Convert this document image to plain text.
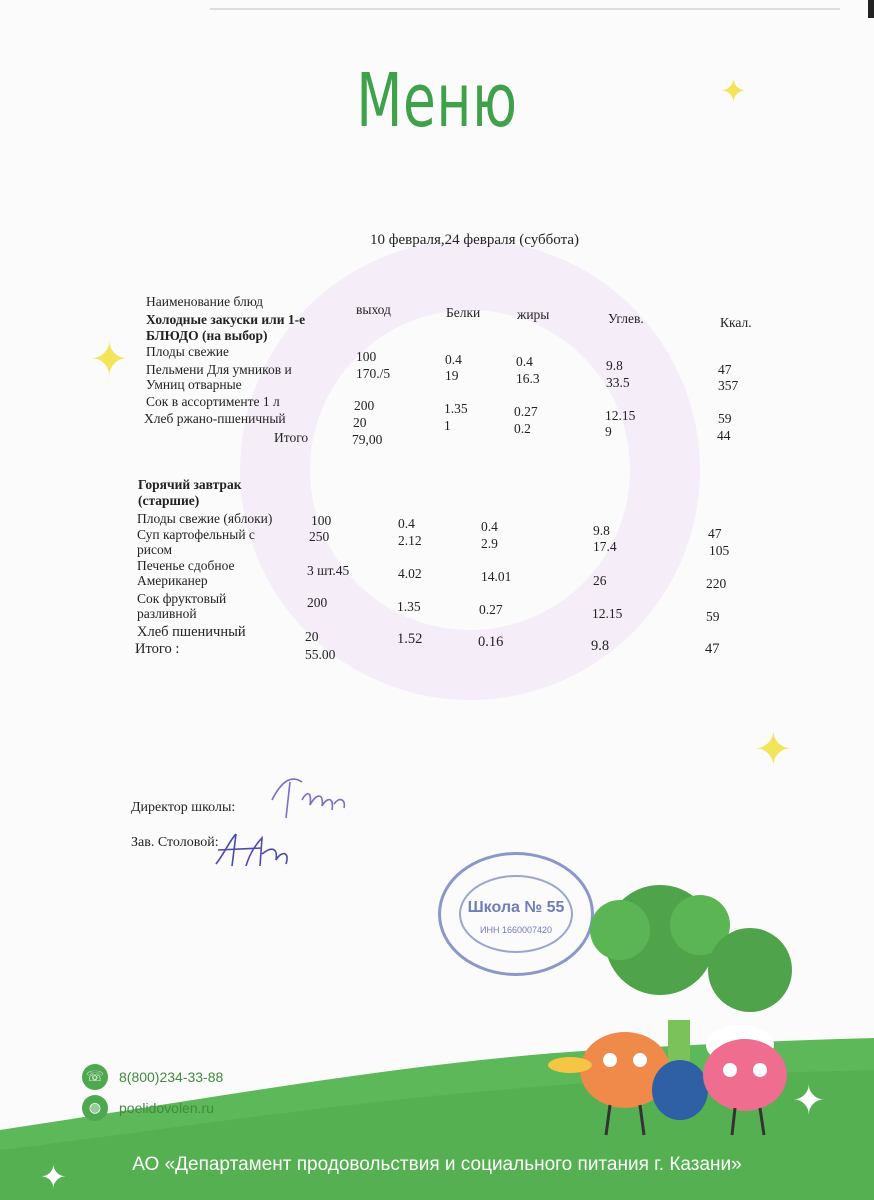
✦
✦
✦
Меню
10 февраля,24 февраля (суббота)
Наименование блюд
выход	Белки	жиры	Углев.	Ккал.
Холодные закуски или 1-е
БЛЮДО (на выбор)
Плоды свежие	100	0.4	0.4	9.8	47
Пельмени Для умников и
Умниц отварные
170./5	19	16.3	33.5	357
Сок в ассортименте 1 л	200	1.35	0.27	12.15	59
Хлеб ржано-пшеничный	20	1	0.2	9	44
Итого	79,00
Горячий завтрак
(старшие)
Плоды свежие (яблоки)	100	0.4	0.4	9.8	47
Суп картофельный с
рисом
250	2.12	2.9	17.4	105
Печенье сдобное
Американер
3 шт.45	4.02	14.01	26	220
Сок фруктовый
разливной
200	1.35	0.27	12.15	59
Хлеб пшеничный	20	1.52	0.16	9.8	47
Итого :	55.00
Директор школы:
Зав. Столовой:
Школа № 55
ИНН 1660007420
✦
✦
☏	8(800)234-33-88
◍	poelidovolen.ru
АО «Департамент продовольствия и социального питания г. Казани»
